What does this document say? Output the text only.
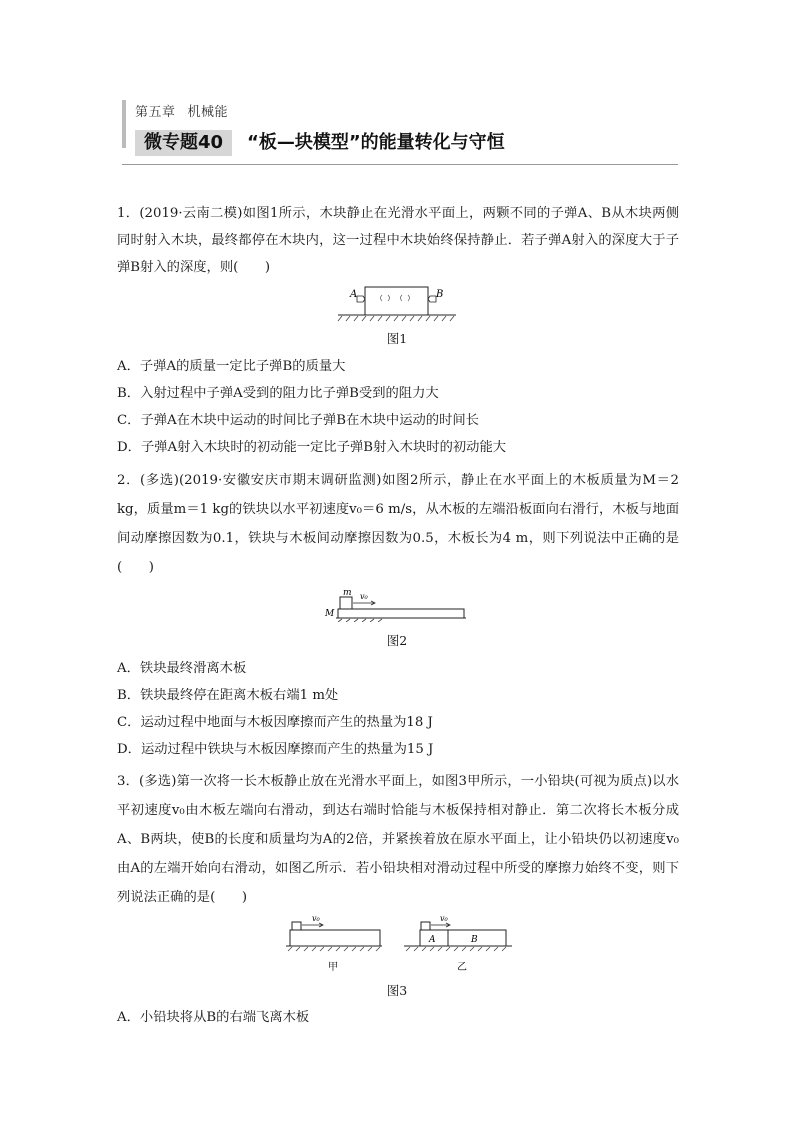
第五章 机械能
微专题40	“板—块模型”的能量转化与守恒

1．(2019·云南二模)如图1所示，木块静止在光滑水平面上，两颗不同的子弹A、B从木块两侧同时射入木块，最终都停在木块内，这一过程中木块始终保持静止．若子弹A射入的深度大于子弹B射入的深度，则(　　)

A	B
图1

A．子弹A的质量一定比子弹B的质量大

B．入射过程中子弹A受到的阻力比子弹B受到的阻力大

C．子弹A在木块中运动的时间比子弹B在木块中运动的时间长

D．子弹A射入木块时的初动能一定比子弹B射入木块时的初动能大

2．(多选)(2019·安徽安庆市期末调研监测)如图2所示，静止在水平面上的木板质量为M＝2 kg，质量m＝1 kg的铁块以水平初速度v₀＝6 m/s，从木板的左端沿板面向右滑行，木板与地面间动摩擦因数为0.1，铁块与木板间动摩擦因数为0.5，木板长为4 m，则下列说法中正确的是(　　)

m
M
v₀
图2

A．铁块最终滑离木板

B．铁块最终停在距离木板右端1 m处

C．运动过程中地面与木板因摩擦而产生的热量为18 J

D．运动过程中铁块与木板因摩擦而产生的热量为15 J

3．(多选)第一次将一长木板静止放在光滑水平面上，如图3甲所示，一小铅块(可视为质点)以水平初速度v₀由木板左端向右滑动，到达右端时恰能与木板保持相对静止．第二次将长木板分成A、B两块，使B的长度和质量均为A的2倍，并紧挨着放在原水平面上，让小铅块仍以初速度v₀由A的左端开始向右滑动，如图乙所示．若小铅块相对滑动过程中所受的摩擦力始终不变，则下列说法正确的是(　　)

v₀
甲
v₀
A	B
乙
图3

A．小铅块将从B的右端飞离木板
